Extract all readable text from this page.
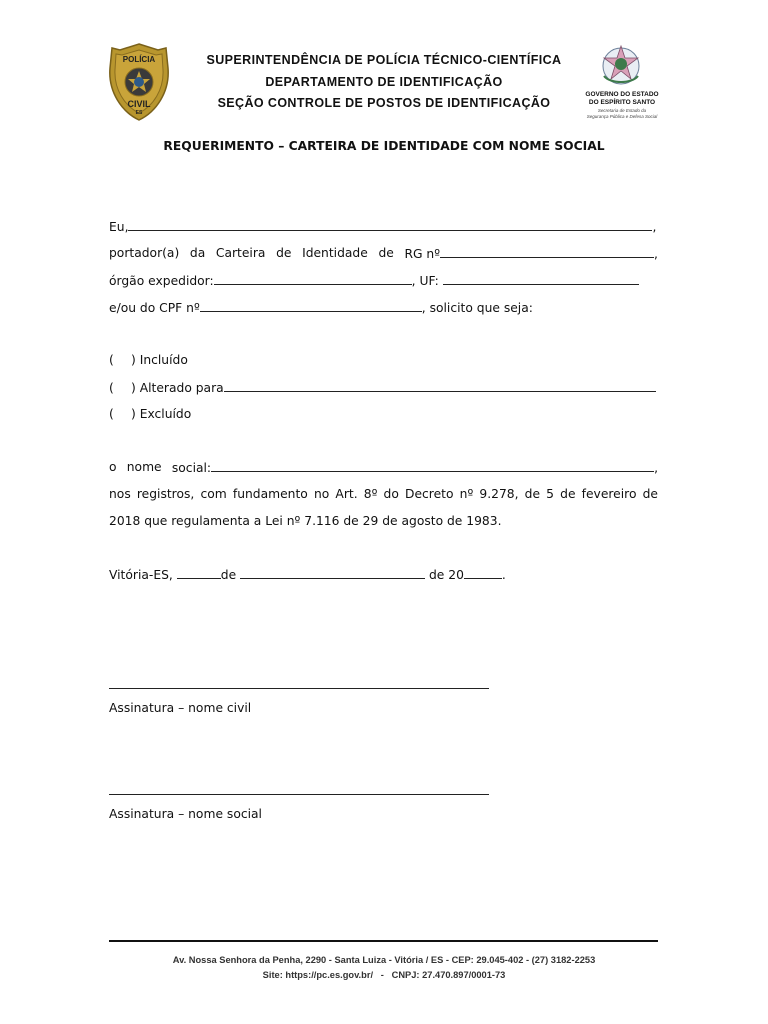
POLÍCIA
CIVIL
ES
SUPERINTENDÊNCIA DE POLÍCIA TÉCNICO-CIENTÍFICA
DEPARTAMENTO DE IDENTIFICAÇÃO
SEÇÃO CONTROLE DE POSTOS DE IDENTIFICAÇÃO
GOVERNO DO ESTADO
DO ESPÍRITO SANTO
Secretaria de Estado da
Segurança Pública e Defesa Social
REQUERIMENTO – CARTEIRA DE IDENTIDADE COM NOME SOCIAL
Eu,	,
portador(a) da Carteira de Identidade de RG nº	,
órgão expedidor:	, UF:
e/ou do CPF nº	, solicito que seja:
( ) Incluído
( ) Alterado para
( ) Excluído
o nome social:	,
nos registros, com fundamento no Art. 8º do Decreto nº 9.278, de 5 de fevereiro de
2018 que regulamenta a Lei nº 7.116 de 29 de agosto de 1983.
Vitória-ES,	de	de 20	.
Assinatura – nome civil
Assinatura – nome social
Av. Nossa Senhora da Penha, 2290 - Santa Luiza - Vitória / ES - CEP: 29.045-402 - (27) 3182-2253
Site: https://pc.es.gov.br/   -   CNPJ: 27.470.897/0001-73
